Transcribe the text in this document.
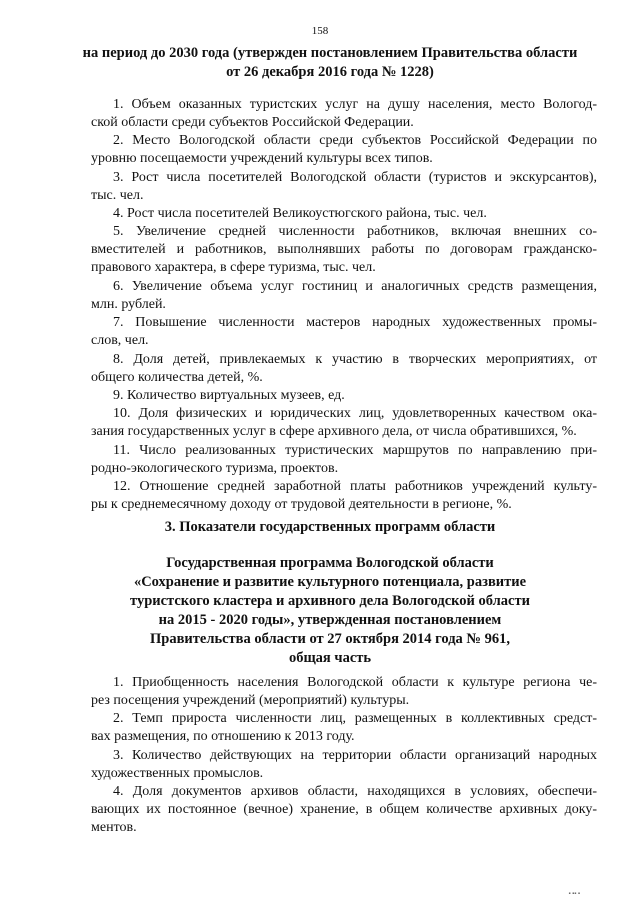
158
на период до 2030 года (утвержден постановлением Правительства области
от 26 декабря 2016 года № 1228)
1. Объем оказанных туристских услуг на душу населения, место Вологод-
ской области среди субъектов Российской Федерации.
2. Место Вологодской области среди субъектов Российской Федерации по
уровню посещаемости учреждений культуры всех типов.
3. Рост числа посетителей Вологодской области (туристов и экскурсантов),
тыс. чел.
4. Рост числа посетителей Великоустюгского района, тыс. чел.
5. Увеличение средней численности работников, включая внешних со-
вместителей и работников, выполнявших работы по договорам гражданско-
правового характера, в сфере туризма, тыс. чел.
6. Увеличение объема услуг гостиниц и аналогичных средств размещения,
млн. рублей.
7. Повышение численности мастеров народных художественных промы-
слов, чел.
8. Доля детей, привлекаемых к участию в творческих мероприятиях, от
общего количества детей, %.
9. Количество виртуальных музеев, ед.
10. Доля физических и юридических лиц, удовлетворенных качеством ока-
зания государственных услуг в сфере архивного дела, от числа обратившихся, %.
11. Число реализованных туристических маршрутов по направлению при-
родно-экологического туризма, проектов.
12. Отношение средней заработной платы работников учреждений культу-
ры к среднемесячному доходу от трудовой деятельности в регионе, %.
3. Показатели государственных программ области
Государственная программа Вологодской области
«Сохранение и развитие культурного потенциала, развитие
туристского кластера и архивного дела Вологодской области
на 2015 - 2020 годы», утвержденная постановлением
Правительства области от 27 октября 2014 года № 961,
общая часть
1. Приобщенность населения Вологодской области к культуре региона че-
рез посещения учреждений (мероприятий) культуры.
2. Темп прироста численности лиц, размещенных в коллективных средст-
вах размещения, по отношению к 2013 году.
3. Количество действующих на территории области организаций народных
художественных промыслов.
4. Доля документов архивов области, находящихся в условиях, обеспечи-
вающих их постоянное (вечное) хранение, в общем количестве архивных доку-
ментов.
▪ ▪▪ ▪
